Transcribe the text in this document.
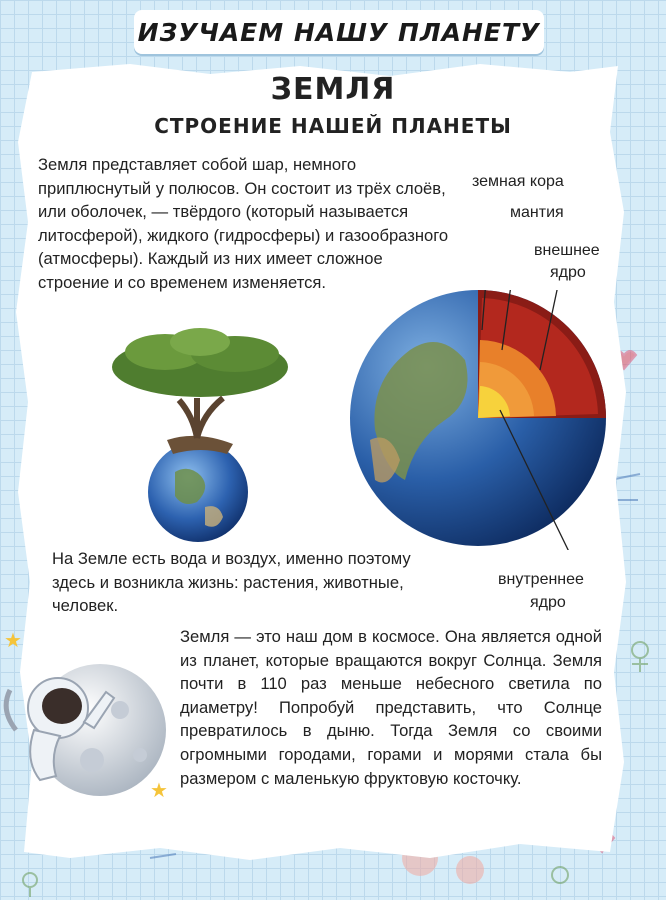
ИЗУЧАЕМ НАШУ ПЛАНЕТУ
ЗЕМЛЯ
СТРОЕНИЕ НАШЕЙ ПЛАНЕТЫ
Земля представляет собой шар, немного приплюснутый у полюсов. Он состоит из трёх слоёв, или оболочек, — твёрдого (который называется литосферой), жидкого (гидросферы) и газообразного (атмосферы). Каждый из них имеет сложное строение и со временем изменяется.
земная кора
мантия
внешнее
ядро
внутреннее
ядро
На Земле есть вода и воздух, именно поэтому здесь и возникла жизнь: растения, животные, человек.
★
★
Земля — это наш дом в космосе. Она является одной из планет, которые вращаются вокруг Солнца. Земля почти в 110 раз меньше небесного светила по диаметру! Попробуй представить, что Солнце превратилось в дыню. Тогда Земля со своими огромными городами, горами и морями стала бы размером с маленькую фруктовую косточку.
